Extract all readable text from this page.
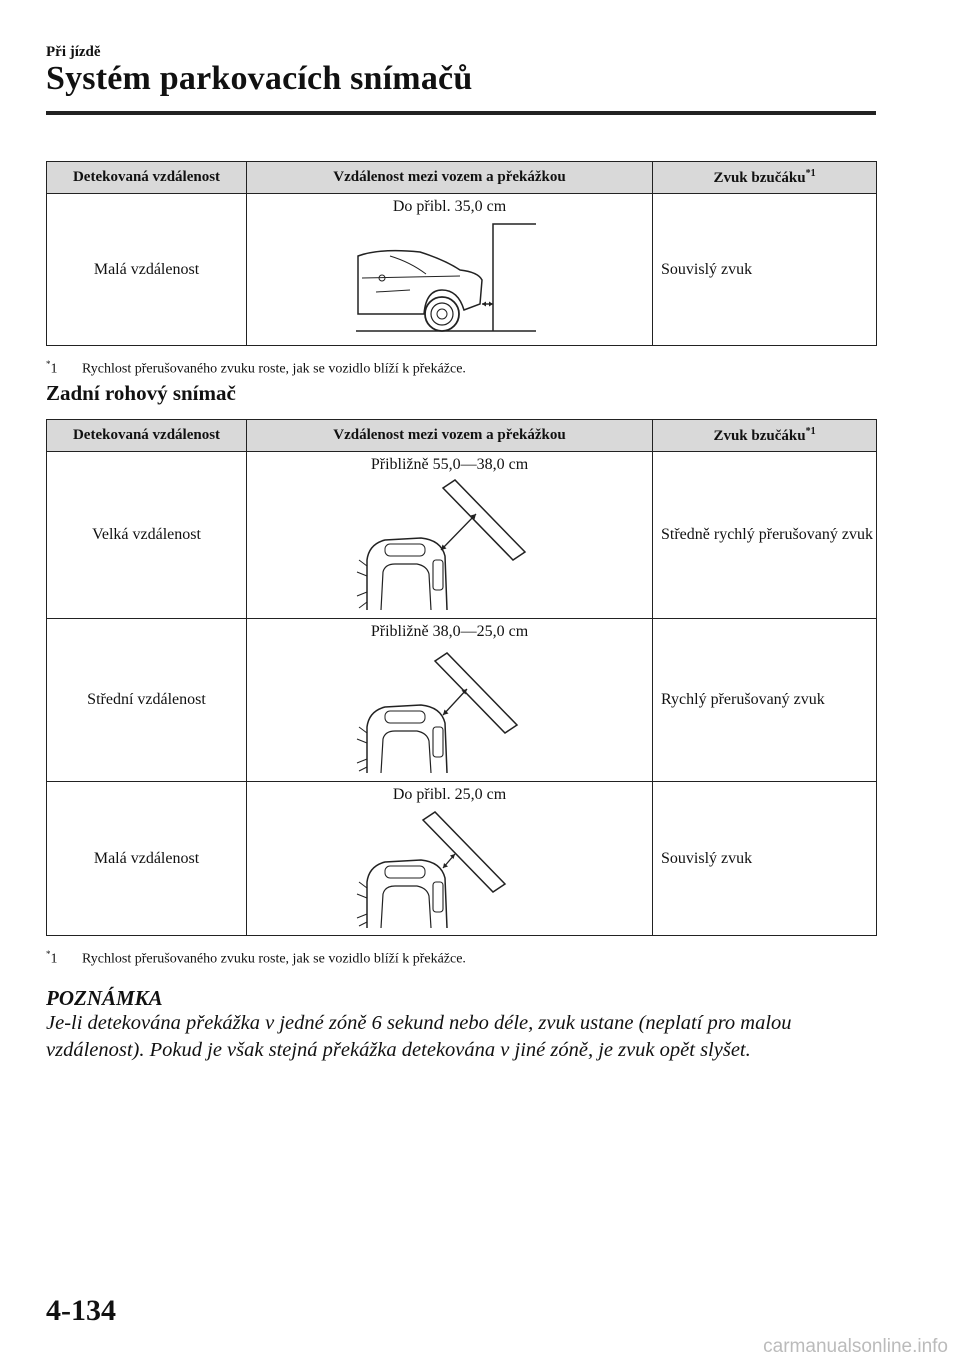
Při jízdě
Systém parkovacích snímačů
Detekovaná vzdálenost	Vzdálenost mezi vozem a překážkou	Zvuk bzučáku$^{*1}$
Malá vzdálenost	Do přibl. 35,0 cm	Souvislý zvuk
*1 Rychlost přerušovaného zvuku roste, jak se vozidlo blíží k překážce.
Zadní rohový snímač
Detekovaná vzdálenost	Vzdálenost mezi vozem a překážkou	Zvuk bzučáku$^{*1}$
Velká vzdálenost	Přibližně 55,0—38,0 cm	Středně rychlý přerušovaný zvuk
Střední vzdálenost	Přibližně 38,0—25,0 cm	Rychlý přerušovaný zvuk
Malá vzdálenost	Do přibl. 25,0 cm	Souvislý zvuk
*1 Rychlost přerušovaného zvuku roste, jak se vozidlo blíží k překážce.
POZNÁMKA
Je-li detekována překážka v jedné zóně 6 sekund nebo déle, zvuk ustane (neplatí pro malou vzdálenost). Pokud je však stejná překážka detekována v jiné zóně, je zvuk opět slyšet.
4-134
carmanualsonline.info
